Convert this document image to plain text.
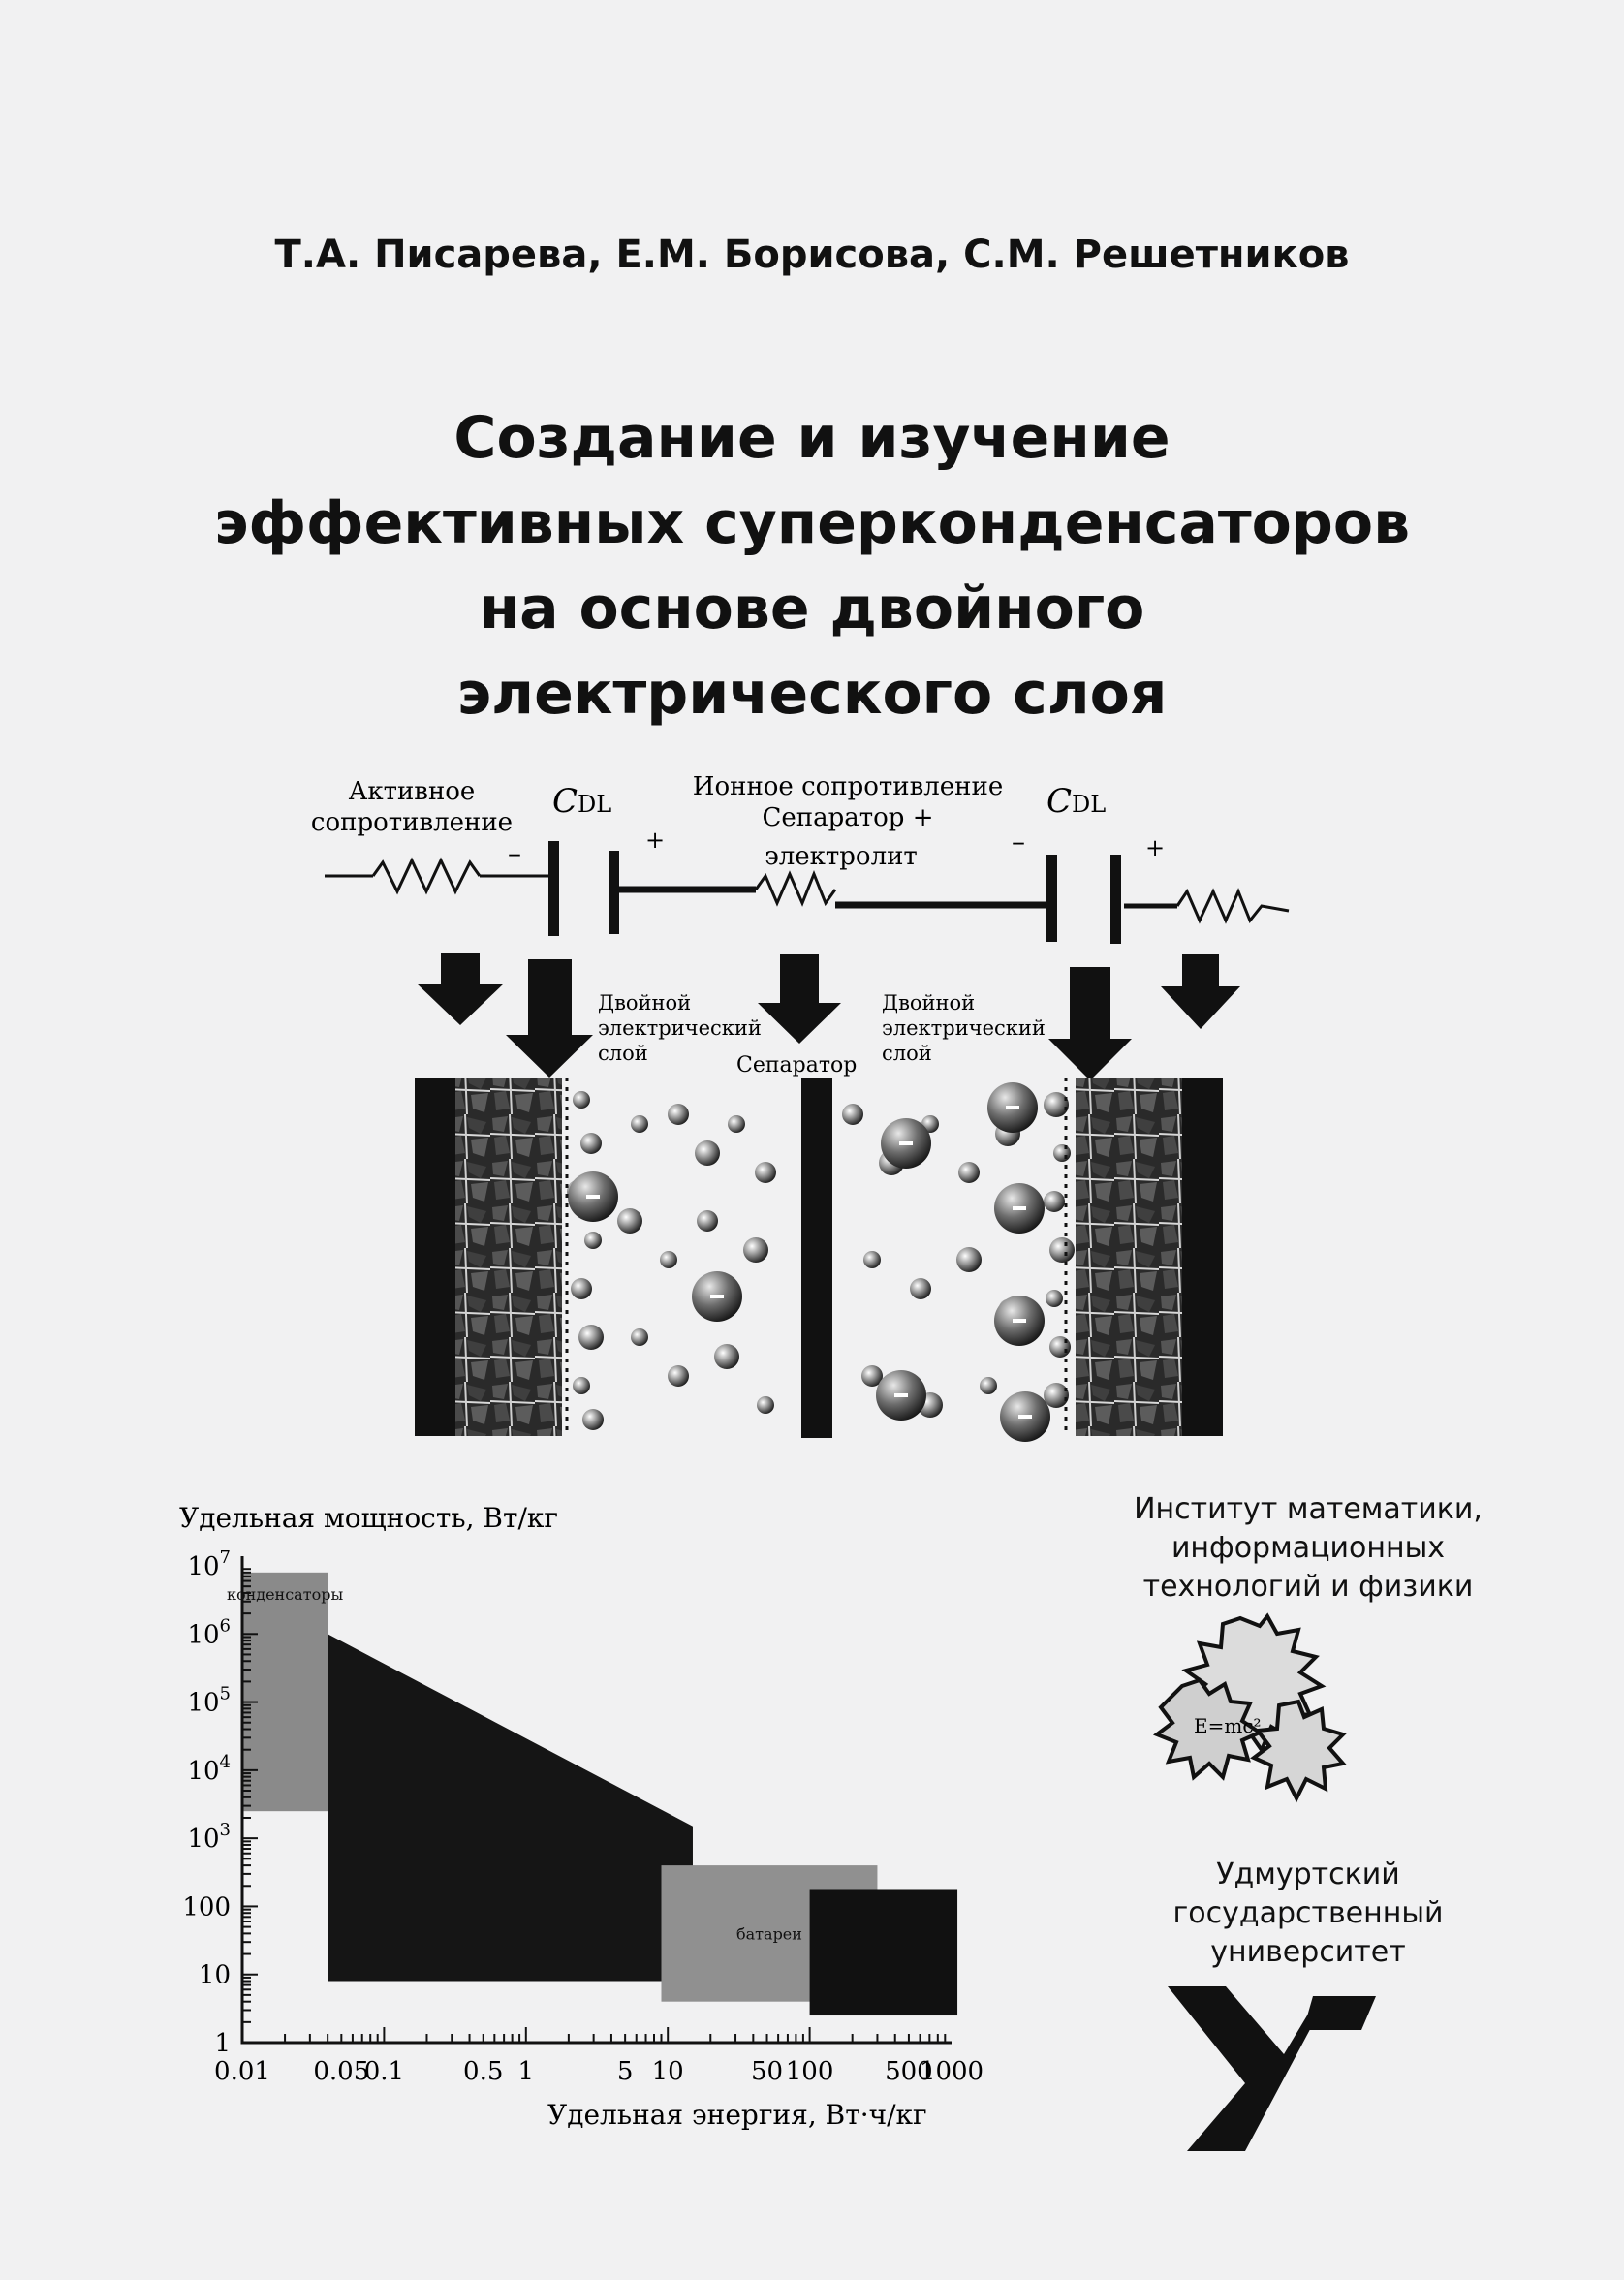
Т.А. Писарева, Е.М. Борисова, С.М. Решетников
Создание и изучение
эффективных суперконденсаторов
на основе двойного
электрического слоя
Активное
сопротивление
CDL	CDL
Ионное сопротивление
Сепаратор +
электролит
–	+	–	+
Двойной
электрический
слой	Сепаратор
Двойной
электрический
слой
Удельная мощность, Вт/кг
Удельная энергия, Вт·ч/кг
конденсаторы
батареи
0.01 0.05
0.1 0.5 1	5 10	50 100 500
1000
$10^7$
$10^6$
$10^5$
$10^4$
$10^3$
100
10
1
Институт математики,
информационных
технологий и физики
E=mc²
Удмуртский
государственный
университет
